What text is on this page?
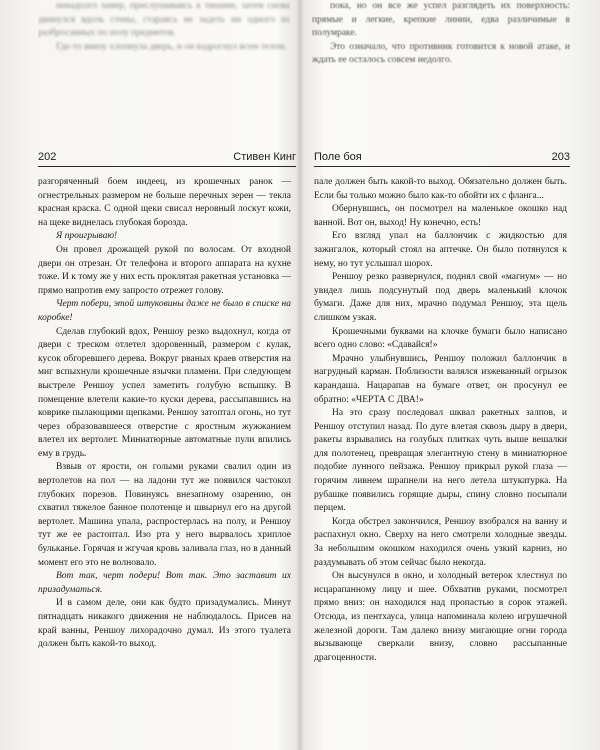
ненадолго замер, прислушиваясь к тишине, затем снова двинулся вдоль стены, стараясь не задеть ни одного из разбросанных по полу предметов.

Где-то внизу хлопнула дверь, и он вздрогнул всем телом.

202	Стивен Кинг

разгоряченный боем индеец, из крошечных ранок — огнестрельных размером не больше перечных зерен — текла красная краска. С одной щеки свисал неровный лоскут кожи, на щеке виднелась глубокая борозда.

Я проигрываю!

Он провел дрожащей рукой по волосам. От входной двери он отрезан. От телефона и второго аппарата на кухне тоже. И к тому же у них есть проклятая ракетная установка — прямо напротив ему запросто отрежет голову.

Черт побери, этой штуковины даже не было в списке на коробке!

Сделав глубокий вдох, Реншоу резко выдохнул, когда от двери с треском отлетел здоровенный, размером с кулак, кусок обгоревшего дерева. Вокруг рваных краев отверстия на миг вспыхнули крошечные язычки пламени. При следующем выстреле Реншоу успел заметить голубую вспышку. В помещение влетели какие-то куски дерева, рассыпавшись на коврике пылающими щепками. Реншоу затоптал огонь, но тут через образовавшееся отверстие с яростным жужжанием влетел их вертолет. Миниатюрные автоматные пули впились ему в грудь.

Взвыв от ярости, он голыми руками свалил один из вертолетов на пол — на ладони тут же появился частокол глубоких порезов. Повинуясь внезапному озарению, он схватил тяжелое банное полотенце и швырнул его на другой вертолет. Машина упала, распростерлась на полу, и Реншоу тут же ее растоптал. Изо рта у него вырвалось хриплое бульканье. Горячая и жгучая кровь заливала глаз, но в данный момент его это не волновало.

Вот так, черт подери! Вот так. Это заставит их призадуматься.

И в самом деле, они как будто призадумались. Минут пятнадцать никакого движения не наблюдалось. Присев на край ванны, Реншоу лихорадочно думал. Из этого туалета должен быть какой-то выход.

пока, но он все же успел разглядеть их поверхность: прямые и легкие, крепкие линии, едва различимые в полумраке.

Это означало, что противник готовится к новой атаке, и ждать ее осталось совсем недолго.

Поле боя	203

пале должен быть какой-то выход. Обязательно должен быть. Если бы только можно было как-то обойти их с фланга...

Обернувшись, он посмотрел на маленькое окошко над ванной. Вот он, выход! Ну конечно, есть!

Его взгляд упал на баллончик с жидкостью для зажигалок, который стоял на аптечке. Он было потянулся к нему, но тут услышал шорох.

Реншоу резко развернулся, поднял свой «магнум» — но увидел лишь подсунутый под дверь маленький клочок бумаги. Даже для них, мрачно подумал Реншоу, эта щель слишком узкая.

Крошечными буквами на клочке бумаги было написано всего одно слово: «Сдавайся!»

Мрачно улыбнувшись, Реншоу положил баллончик в нагрудный карман. Поблизости валялся изжеванный огрызок карандаша. Нацарапав на бумаге ответ, он просунул ее обратно: «ЧЕРТА С ДВА!»

На это сразу последовал шквал ракетных залпов, и Реншоу отступил назад. По дуге влетая сквозь дыру в двери, ракеты взрывались на голубых плитках чуть выше вешалки для полотенец, превращая элегантную стену в миниатюрное подобие лунного пейзажа. Реншоу прикрыл рукой глаза — горячим ливнем шрапнели на него летела штукатурка. На рубашке появились горящие дыры, спину словно посыпали перцем.

Когда обстрел закончился, Реншоу взобрался на ванну и распахнул окно. Сверху на него смотрели холодные звезды. За небольшим окошком находился очень узкий карниз, но раздумывать об этом сейчас было некогда.

Он высунулся в окно, и холодный ветерок хлестнул по исцарапанному лицу и шее. Обхватив руками, посмотрел прямо вниз: он находился над пропастью в сорок этажей. Отсюда, из пентхауса, улица напоминала колею игрушечной железной дороги. Там далеко внизу мигающие огни города вызывающе сверкали внизу, словно рассыпанные драгоценности.
